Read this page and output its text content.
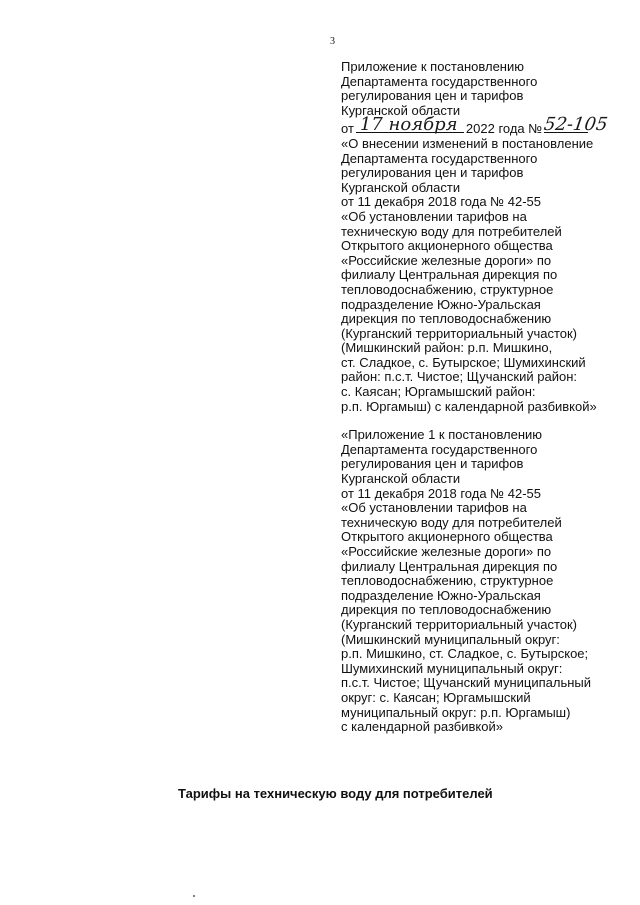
3
Приложение к постановлению
Департамента государственного
регулирования цен и тарифов
Курганской области
от 17 ноября 2022 года № 52-105
«О внесении изменений в постановление
Департамента государственного
регулирования цен и тарифов
Курганской области
от 11 декабря 2018 года № 42-55
«Об установлении тарифов на
техническую воду для потребителей
Открытого акционерного общества
«Российские железные дороги» по
филиалу Центральная дирекция по
тепловодоснабжению, структурное
подразделение Южно-Уральская
дирекция по тепловодоснабжению
(Курганский территориальный участок)
(Мишкинский район: р.п. Мишкино,
ст. Сладкое, с. Бутырское; Шумихинский
район: п.с.т. Чистое; Щучанский район:
с. Каясан; Юргамышский район:
р.п. Юргамыш) с календарной разбивкой»
«Приложение 1 к постановлению
Департамента государственного
регулирования цен и тарифов
Курганской области
от 11 декабря 2018 года № 42-55
«Об установлении тарифов на
техническую воду для потребителей
Открытого акционерного общества
«Российские железные дороги» по
филиалу Центральная дирекция по
тепловодоснабжению, структурное
подразделение Южно-Уральская
дирекция по тепловодоснабжению
(Курганский территориальный участок)
(Мишкинский муниципальный округ:
р.п. Мишкино, ст. Сладкое, с. Бутырское;
Шумихинский муниципальный округ:
п.с.т. Чистое; Щучанский муниципальный
округ: с. Каясан; Юргамышский
муниципальный округ: р.п. Юргамыш)
с календарной разбивкой»
Тарифы на техническую воду для потребителей
